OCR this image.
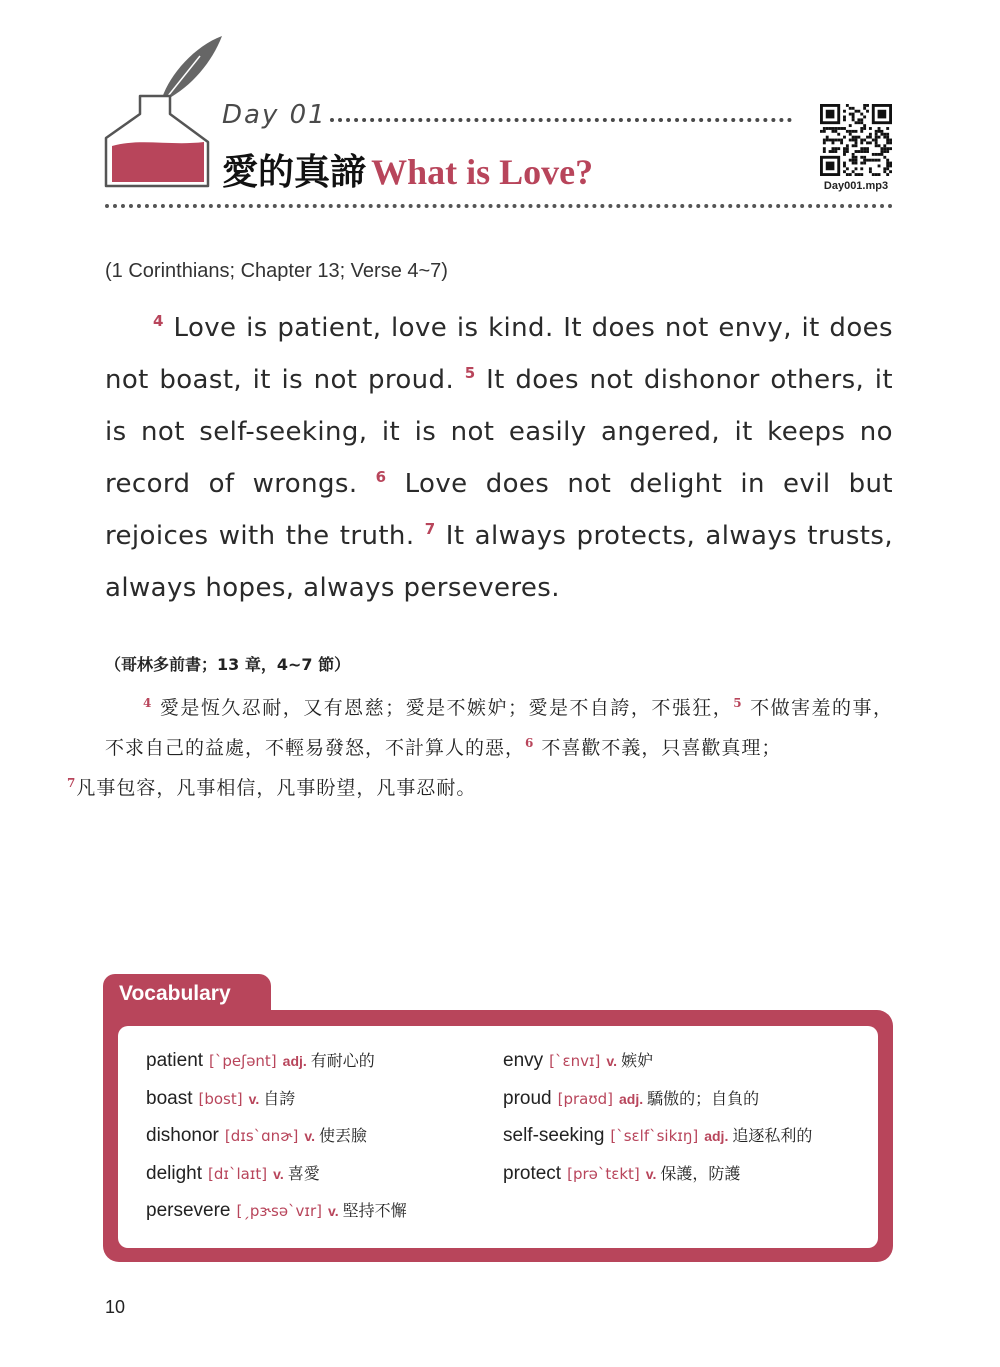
Day 01
愛的真諦 What is Love?	Day001.mp3
(1 Corinthians; Chapter 13; Verse 4~7)

$^4$ Love is patient, love is kind. It does not envy, it does not boast, it is not proud. $^5$ It does not dishonor others, it is not self-seeking, it is not easily angered, it keeps no record of wrongs. $^6$ Love does not delight in evil but rejoices with the truth. $^7$ It always protects, always trusts, always hopes, always perseveres.

（哥林多前書；13 章，4~7 節）

$^4$ 愛是恆久忍耐，又有恩慈；愛是不嫉妒；愛是不自誇，不張狂，$^5$ 不做害羞的事，不求自己的益處，不輕易發怒，不計算人的惡，$^6$ 不喜歡不義，只喜歡真理；
$^7$凡事包容，凡事相信，凡事盼望，凡事忍耐。

Vocabulary
patient [`peʃənt] adj. 有耐心的	envy [`ɛnvɪ] v. 嫉妒
boast [bost] v. 自誇	proud [praʊd] adj. 驕傲的；自負的
dishonor [dɪs`ɑnɚ] v. 使丟臉	self-seeking [`sɛlf`sikɪŋ] adj. 追逐私利的
delight [dɪ`laɪt] v. 喜愛	protect [prə`tɛkt] v. 保護，防護
persevere [ˏpɝsə`vɪr] v. 堅持不懈
10
